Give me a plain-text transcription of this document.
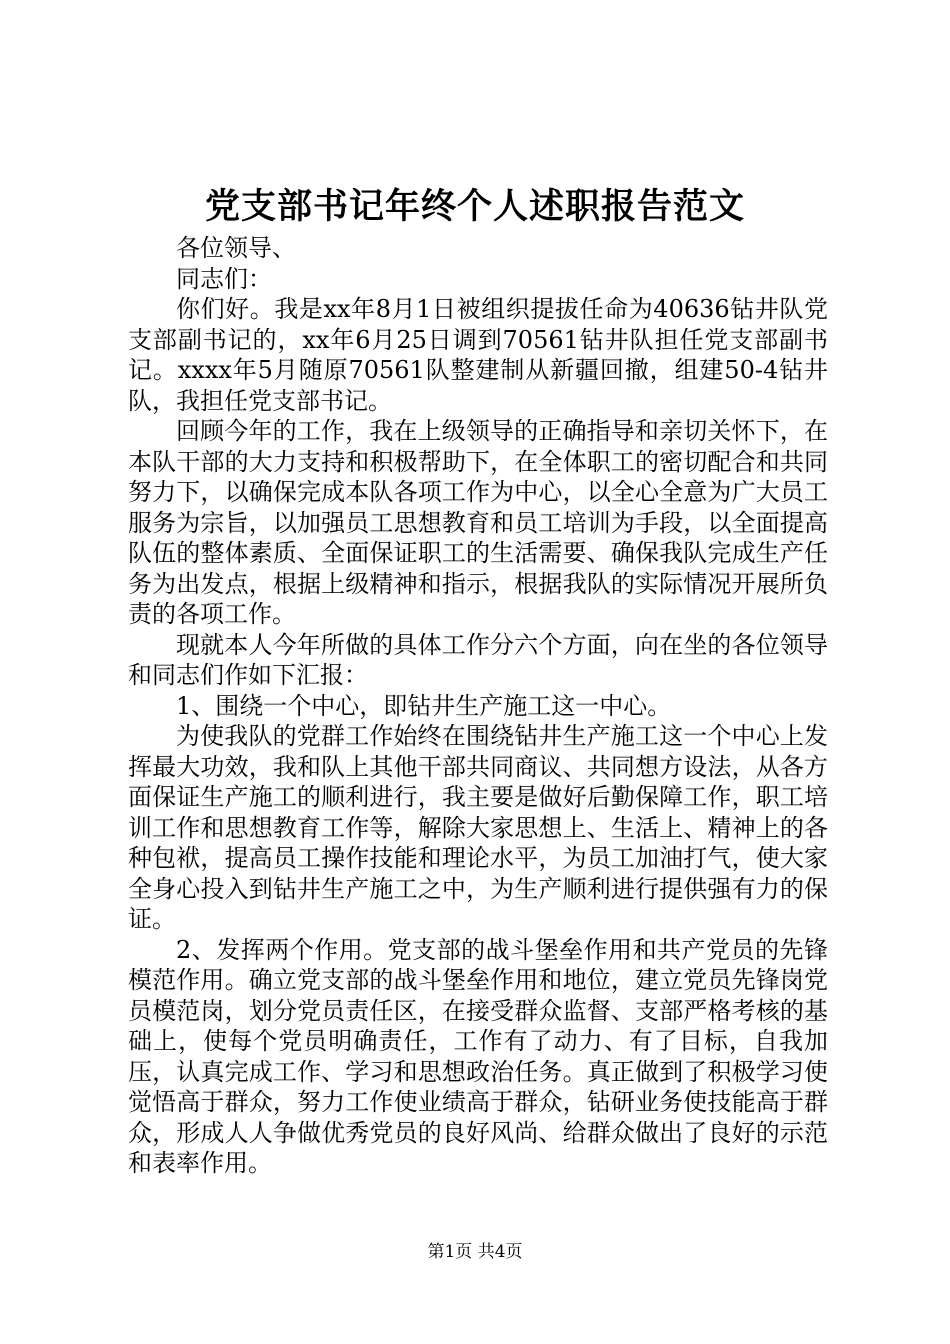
党支部书记年终个人述职报告范文

各位领导、

同志们：

你们好。我是xx年8月1日被组织提拔任命为40636钻井队党支部副书记的，xx年6月25日调到70561钻井队担任党支部副书记。xxxx年5月随原70561队整建制从新疆回撤，组建50-4钻井队，我担任党支部书记。

回顾今年的工作，我在上级领导的正确指导和亲切关怀下，在本队干部的大力支持和积极帮助下，在全体职工的密切配合和共同努力下，以确保完成本队各项工作为中心，以全心全意为广大员工服务为宗旨，以加强员工思想教育和员工培训为手段，以全面提高队伍的整体素质、全面保证职工的生活需要、确保我队完成生产任务为出发点，根据上级精神和指示，根据我队的实际情况开展所负责的各项工作。

现就本人今年所做的具体工作分六个方面，向在坐的各位领导和同志们作如下汇报：

1、围绕一个中心，即钻井生产施工这一中心。

为使我队的党群工作始终在围绕钻井生产施工这一个中心上发挥最大功效，我和队上其他干部共同商议、共同想方设法，从各方面保证生产施工的顺利进行，我主要是做好后勤保障工作，职工培训工作和思想教育工作等，解除大家思想上、生活上、精神上的各种包袱，提高员工操作技能和理论水平，为员工加油打气，使大家全身心投入到钻井生产施工之中，为生产顺利进行提供强有力的保证。

2、发挥两个作用。党支部的战斗堡垒作用和共产党员的先锋模范作用。确立党支部的战斗堡垒作用和地位，建立党员先锋岗党员模范岗，划分党员责任区，在接受群众监督、支部严格考核的基础上，使每个党员明确责任，工作有了动力、有了目标，自我加压，认真完成工作、学习和思想政治任务。真正做到了积极学习使觉悟高于群众，努力工作使业绩高于群众，钻研业务使技能高于群众，形成人人争做优秀党员的良好风尚、给群众做出了良好的示范和表率作用。

第1页 共4页
